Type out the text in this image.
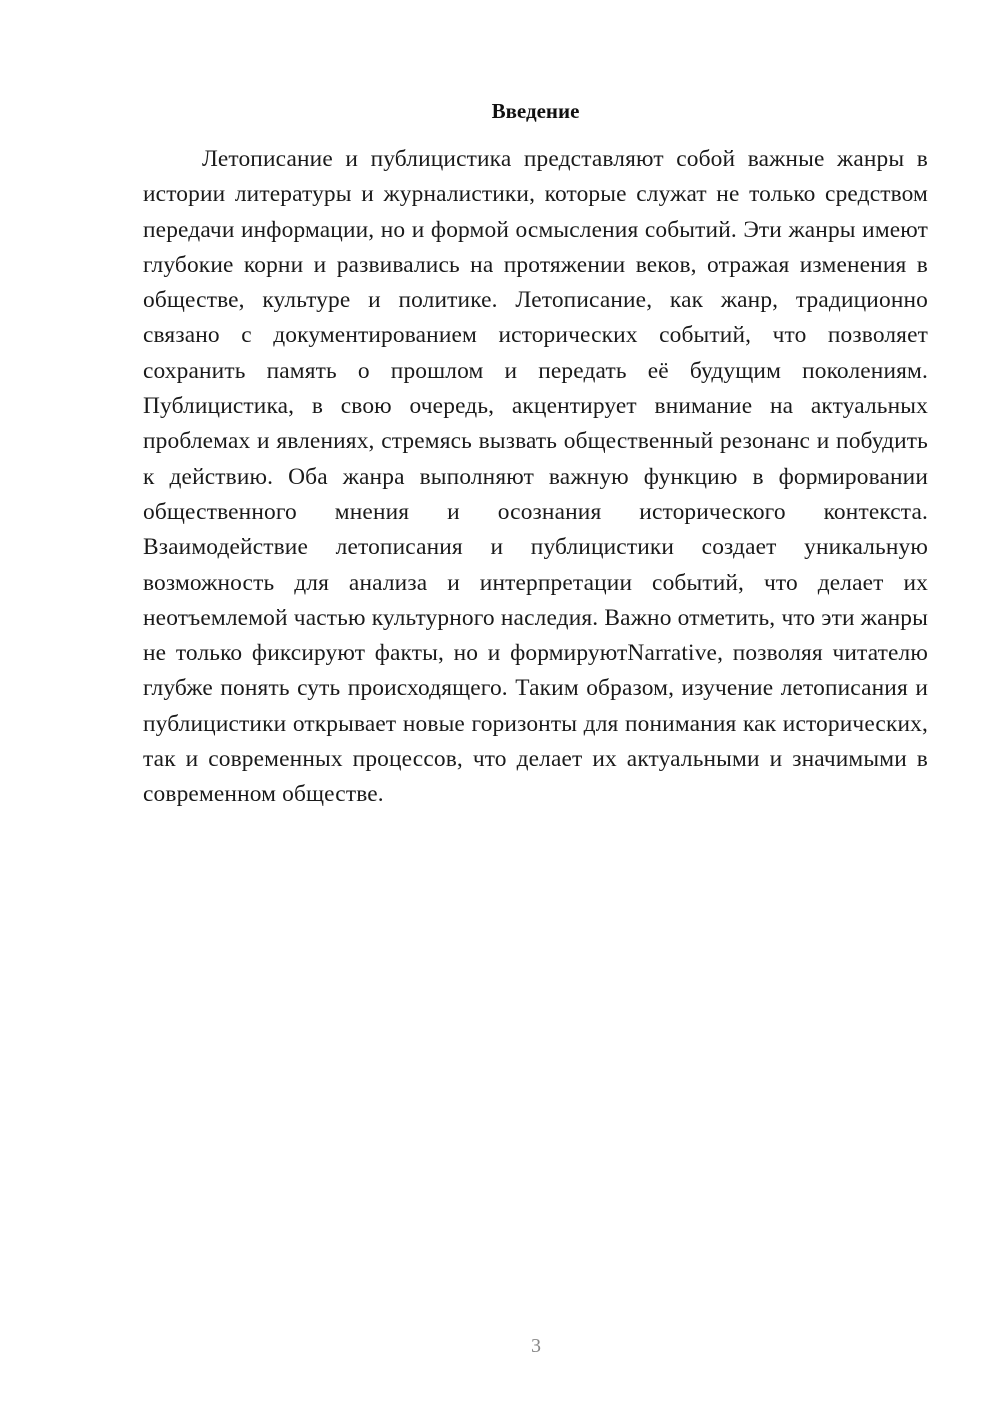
Введение

Летописание и публицистика представляют собой важные жанры в истории литературы и журналистики, которые служат не только средством передачи информации, но и формой осмысления событий. Эти жанры имеют глубокие корни и развивались на протяжении веков, отражая изменения в обществе, культуре и политике. Летописание, как жанр, традиционно связано с документированием исторических событий, что позволяет сохранить память о прошлом и передать её будущим поколениям. Публицистика, в свою очередь, акцентирует внимание на актуальных проблемах и явлениях, стремясь вызвать общественный резонанс и побудить к действию. Оба жанра выполняют важную функцию в формировании общественного мнения и осознания исторического контекста. Взаимодействие летописания и публицистики создает уникальную возможность для анализа и интерпретации событий, что делает их неотъемлемой частью культурного наследия. Важно отметить, что эти жанры не только фиксируют факты, но и формируютNarrative, позволяя читателю глубже понять суть происходящего. Таким образом, изучение летописания и публицистики открывает новые горизонты для понимания как исторических, так и современных процессов, что делает их актуальными и значимыми в современном обществе.

3
